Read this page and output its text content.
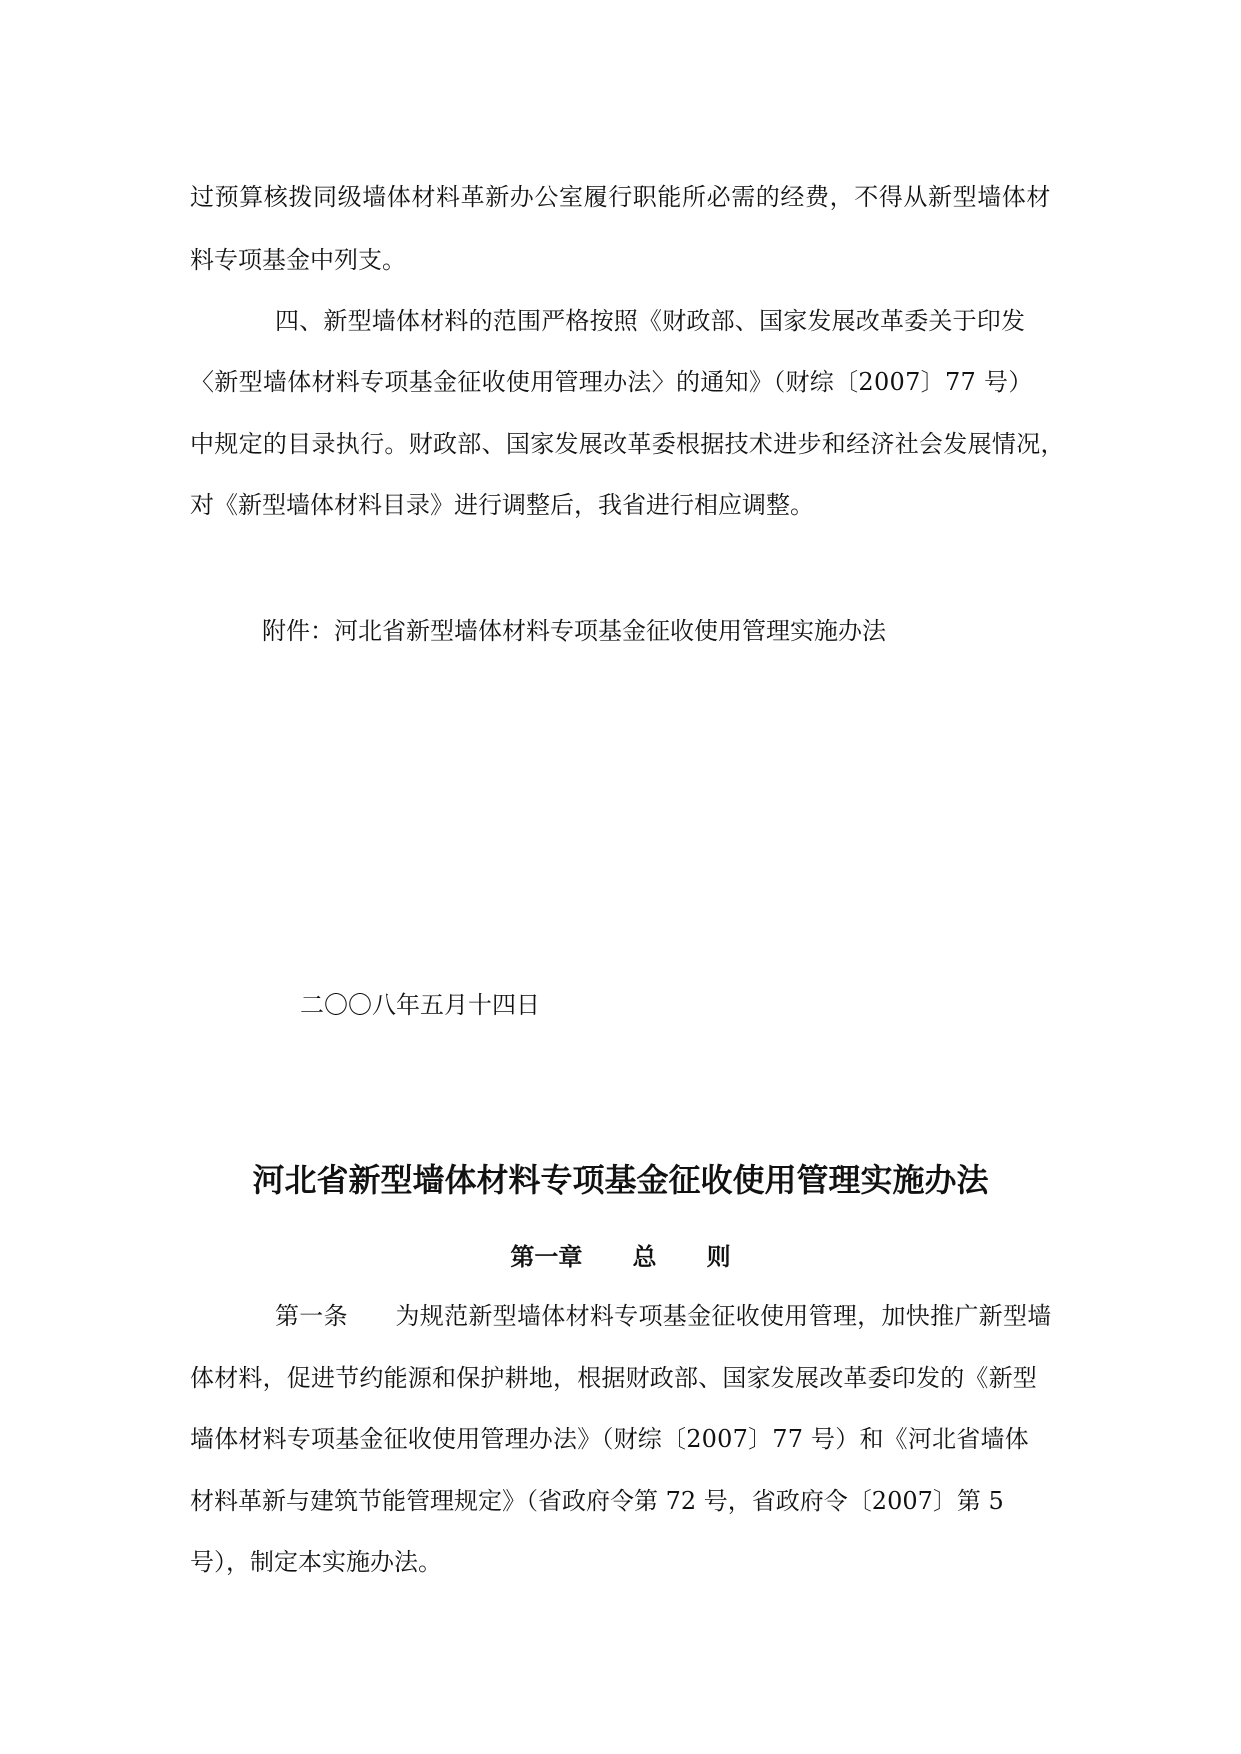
过预算核拨同级墙体材料革新办公室履行职能所必需的经费，不得从新型墙体材
料专项基金中列支。
四、新型墙体材料的范围严格按照《财政部、国家发展改革委关于印发
〈新型墙体材料专项基金征收使用管理办法〉的通知》（财综〔2007〕77 号）
中规定的目录执行。财政部、国家发展改革委根据技术进步和经济社会发展情况，
对《新型墙体材料目录》进行调整后，我省进行相应调整。
附件：河北省新型墙体材料专项基金征收使用管理实施办法
二〇〇八年五月十四日
河北省新型墙体材料专项基金征收使用管理实施办法
第一章      总      则
第一条      为规范新型墙体材料专项基金征收使用管理，加快推广新型墙
体材料，促进节约能源和保护耕地，根据财政部、国家发展改革委印发的《新型
墙体材料专项基金征收使用管理办法》（财综〔2007〕77 号）和《河北省墙体
材料革新与建筑节能管理规定》（省政府令第 72 号，省政府令〔2007〕第 5
号），制定本实施办法。
